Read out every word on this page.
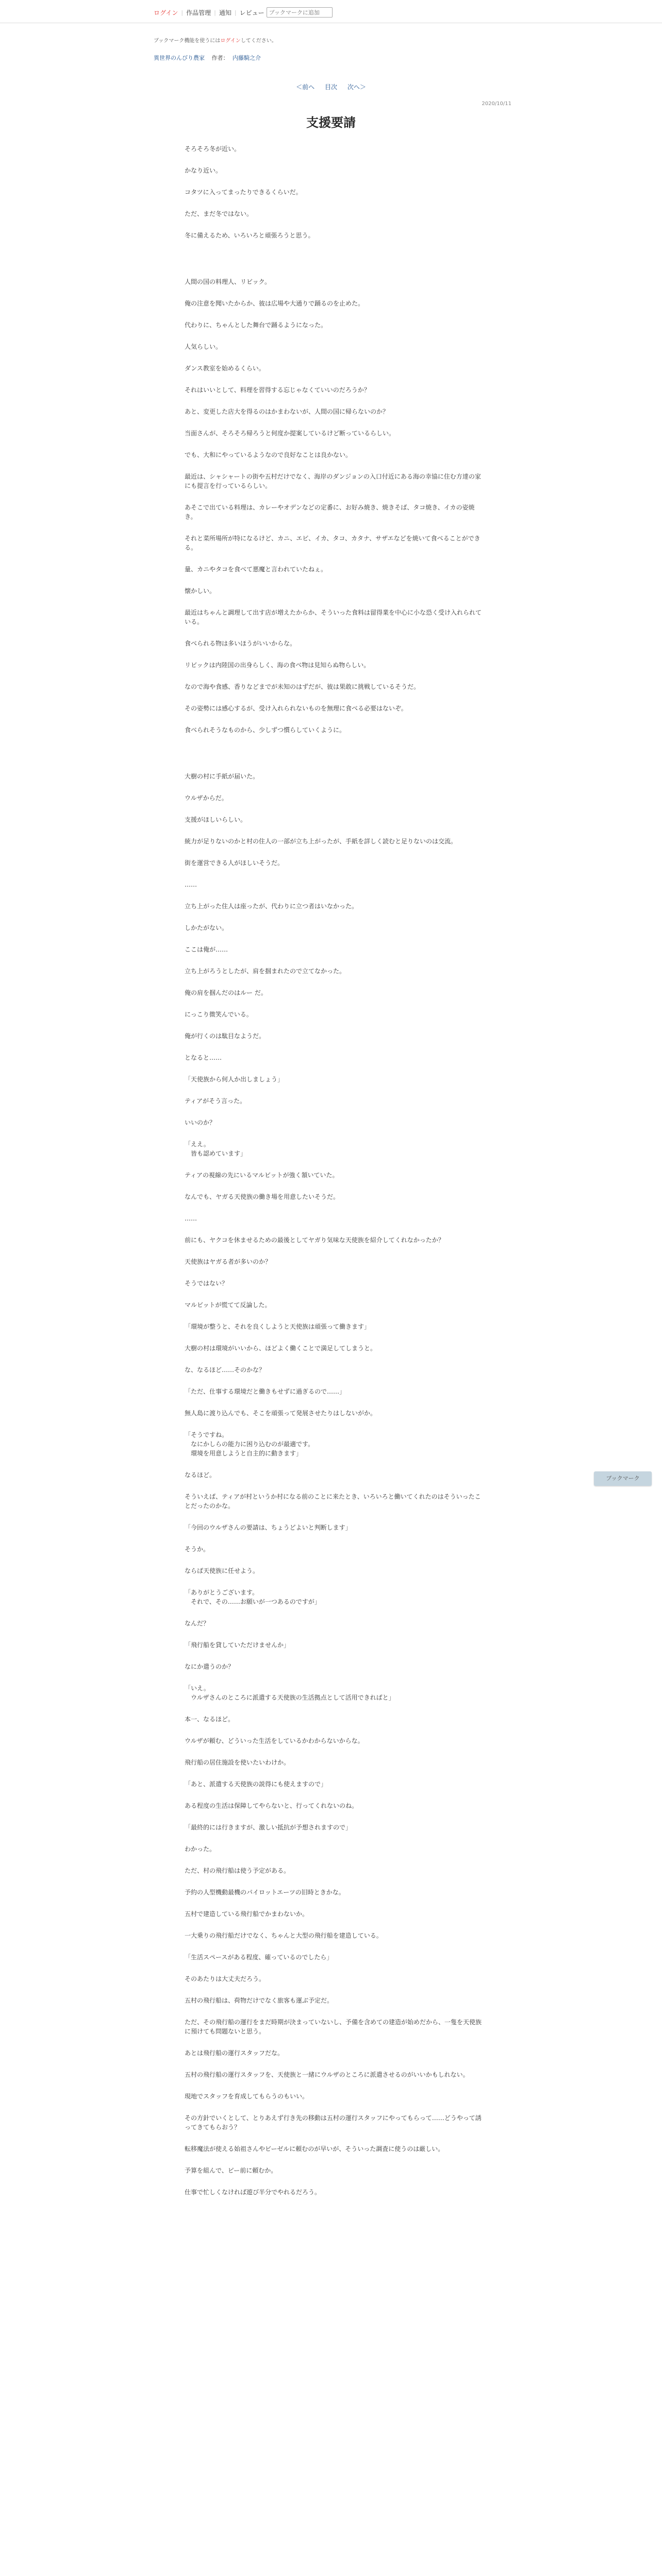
ログイン | 作品管理 | 通知 | レビュー
ブックマークに追加
ブックマーク機能を使うにはログインしてください。
異世界のんびり農家 作者： 内藤騎之介
＜前へ 目次 次へ＞
2020/10/11
支援要請
そろそろ冬が近い。
かなり近い。
コタツに入ってまったりできるくらいだ。
ただ、まだ冬ではない。
冬に備えるため、いろいろと頑張ろうと思う。
人間の国の料理人、リビック。
俺の注意を聞いたからか、彼は広場や大通りで踊るのを止めた。
代わりに、ちゃんとした舞台で踊るようになった。
人気らしい。
ダンス教室を始めるくらい。
それはいいとして、料理を習得する忘じゃなくていいのだろうか？
あと、変更した店大を得るのはかまわないが、人間の国に帰らないのか？
当面さんが、そろそろ帰ろうと何度か提案しているけど断っているらしい。
でも、大和にやっているようなので良好なことは良かない。
最近は、シャシャートの街や五村だけでなく、海岸のダンジョンの入口付近にある海の幸協に住む方達の家にも提言を行っているらしい。
あそこで出ている料理は、カレーやオデンなどの定番に、お好み焼き、焼きそば、タコ焼き、イカの姿焼き。
それと菜所場所が特になるけど、カニ、エビ、イカ、タコ、カタナ、サザエなどを焼いて食べることができる。
量、カニやタコを食べて悪魔と言われていたねぇ。
懐かしい。
最近はちゃんと調理して出す店が増えたからか、そういった食料は留得業を中心に小な恐く受け入れられている。
食べられる物は多いほうがいいからな。
リビックは内陸国の出身らしく、海の食べ物は見知らぬ物らしい。
なので海や食感、香りなどまでが未知のはずだが、彼は果敢に挑戦しているそうだ。
その姿勢には感心するが、受け入れられないものを無理に食べる必要はないぞ。
食べられそうなものから、少しずつ慣らしていくように。
大樹の村に手紙が届いた。
ウルザからだ。
支援がほしいらしい。
統力が足りないのかと村の住人の一部が立ち上がったが、手紙を詳しく読むと足りないのは交流。
街を運営できる人がほしいそうだ。
……
立ち上がった住人は座ったが、代わりに立つ者はいなかった。
しかたがない。
ここは俺が……
立ち上がろうとしたが、肩を掴まれたので立てなかった。
俺の肩を掴んだのはルー だ。
にっこり微笑んでいる。
俺が行くのは駄目なようだ。
となると……
「天使族から何人か出しましょう」
ティアがそう言った。
いいのか？
「ええ。
　皆も認めています」
ティアの視線の先にいるマルビットが強く頷いていた。
なんでも、ヤガる天使族の働き場を用意したいそうだ。
……
前にも、ヤクコを休ませるための最後としてヤガり気味な天使族を紹介してくれなかったか？
天使族はヤガる者が多いのか？
そうではない？
マルビットが慌てて反論した。
「環境が整うと、それを良くしようと天使族は頑張って働きます」
大樹の村は環境がいいから、ほどよく働くことで満足してしまうと。
な、なるほど……そのかな？
「ただ、仕事する環境だと働きもせずに過ぎるので……」
無人島に渡り込んでも、そこを頑張って発展させたりはしないがか。
「そうですね。
　なにかしらの能力に困り込むのが最適です。
　環境を用意しようと自主的に動きます」
なるほど。
そういえば、ティアが村というか村になる前のことに来たとき、いろいろと働いてくれたのはそういったことだったのかな。
「今回のウルザさんの要請は、ちょうどよいと判断します」
そうか。
ならば天使族に任せよう。
「ありがとうございます。
　それで、その……お願いが一つあるのですが」
なんだ？
「飛行船を貸していただけませんか」
なにか遣うのか？
「いえ。
　ウルザさんのところに派遣する天使族の生活拠点として活用できればと」
本一、なるほど。
ウルザが頼む、どういった生活をしているかわからないからな。
飛行船の居住施設を使いたいわけか。
「あと、派遣する天使族の説得にも使えますので」
ある程度の生活は保障してやらないと、行ってくれないのね。
「最終的には行きますが、激しい抵抗が予想されますので」
わかった。
ただ、村の飛行船は使う予定がある。
予約の人型機動最機のパイロットエーツの旧時ときかな。
五村で建造している飛行船でかまわないか。
一大乗りの飛行船だけでなく、ちゃんと大型の飛行船を建造している。
「生活スペースがある程度、確っているのでしたら」
そのあたりは大丈夫だろう。
五村の飛行船は、荷物だけでなく旅客も運ぶ予定だ。
ただ、その飛行船の運行をまだ時期が決まっていないし、予備を含めての建造が始めだから、一隻を天使族に預けても問題ないと思う。
あとは飛行船の運行スタッフだな。
五村の飛行船の運行スタッフを、天使族と一緒にウルザのところに派遣させるのがいいかもしれない。
現地でスタッフを育成してもらうのもいい。
その方針でいくとして、とりあえず行き先の移動は五村の運行スタッフにやってもらって……どうやって誘ってきてもらおう？
転移魔法が使える始祖さんやビーゼルに頼むのが早いが、そういった調査に使うのは厳しい。
予算を組んで、ビー前に頼むか。
仕事で忙しくなければ遊び半分でやれるだろう。
ブックマーク
